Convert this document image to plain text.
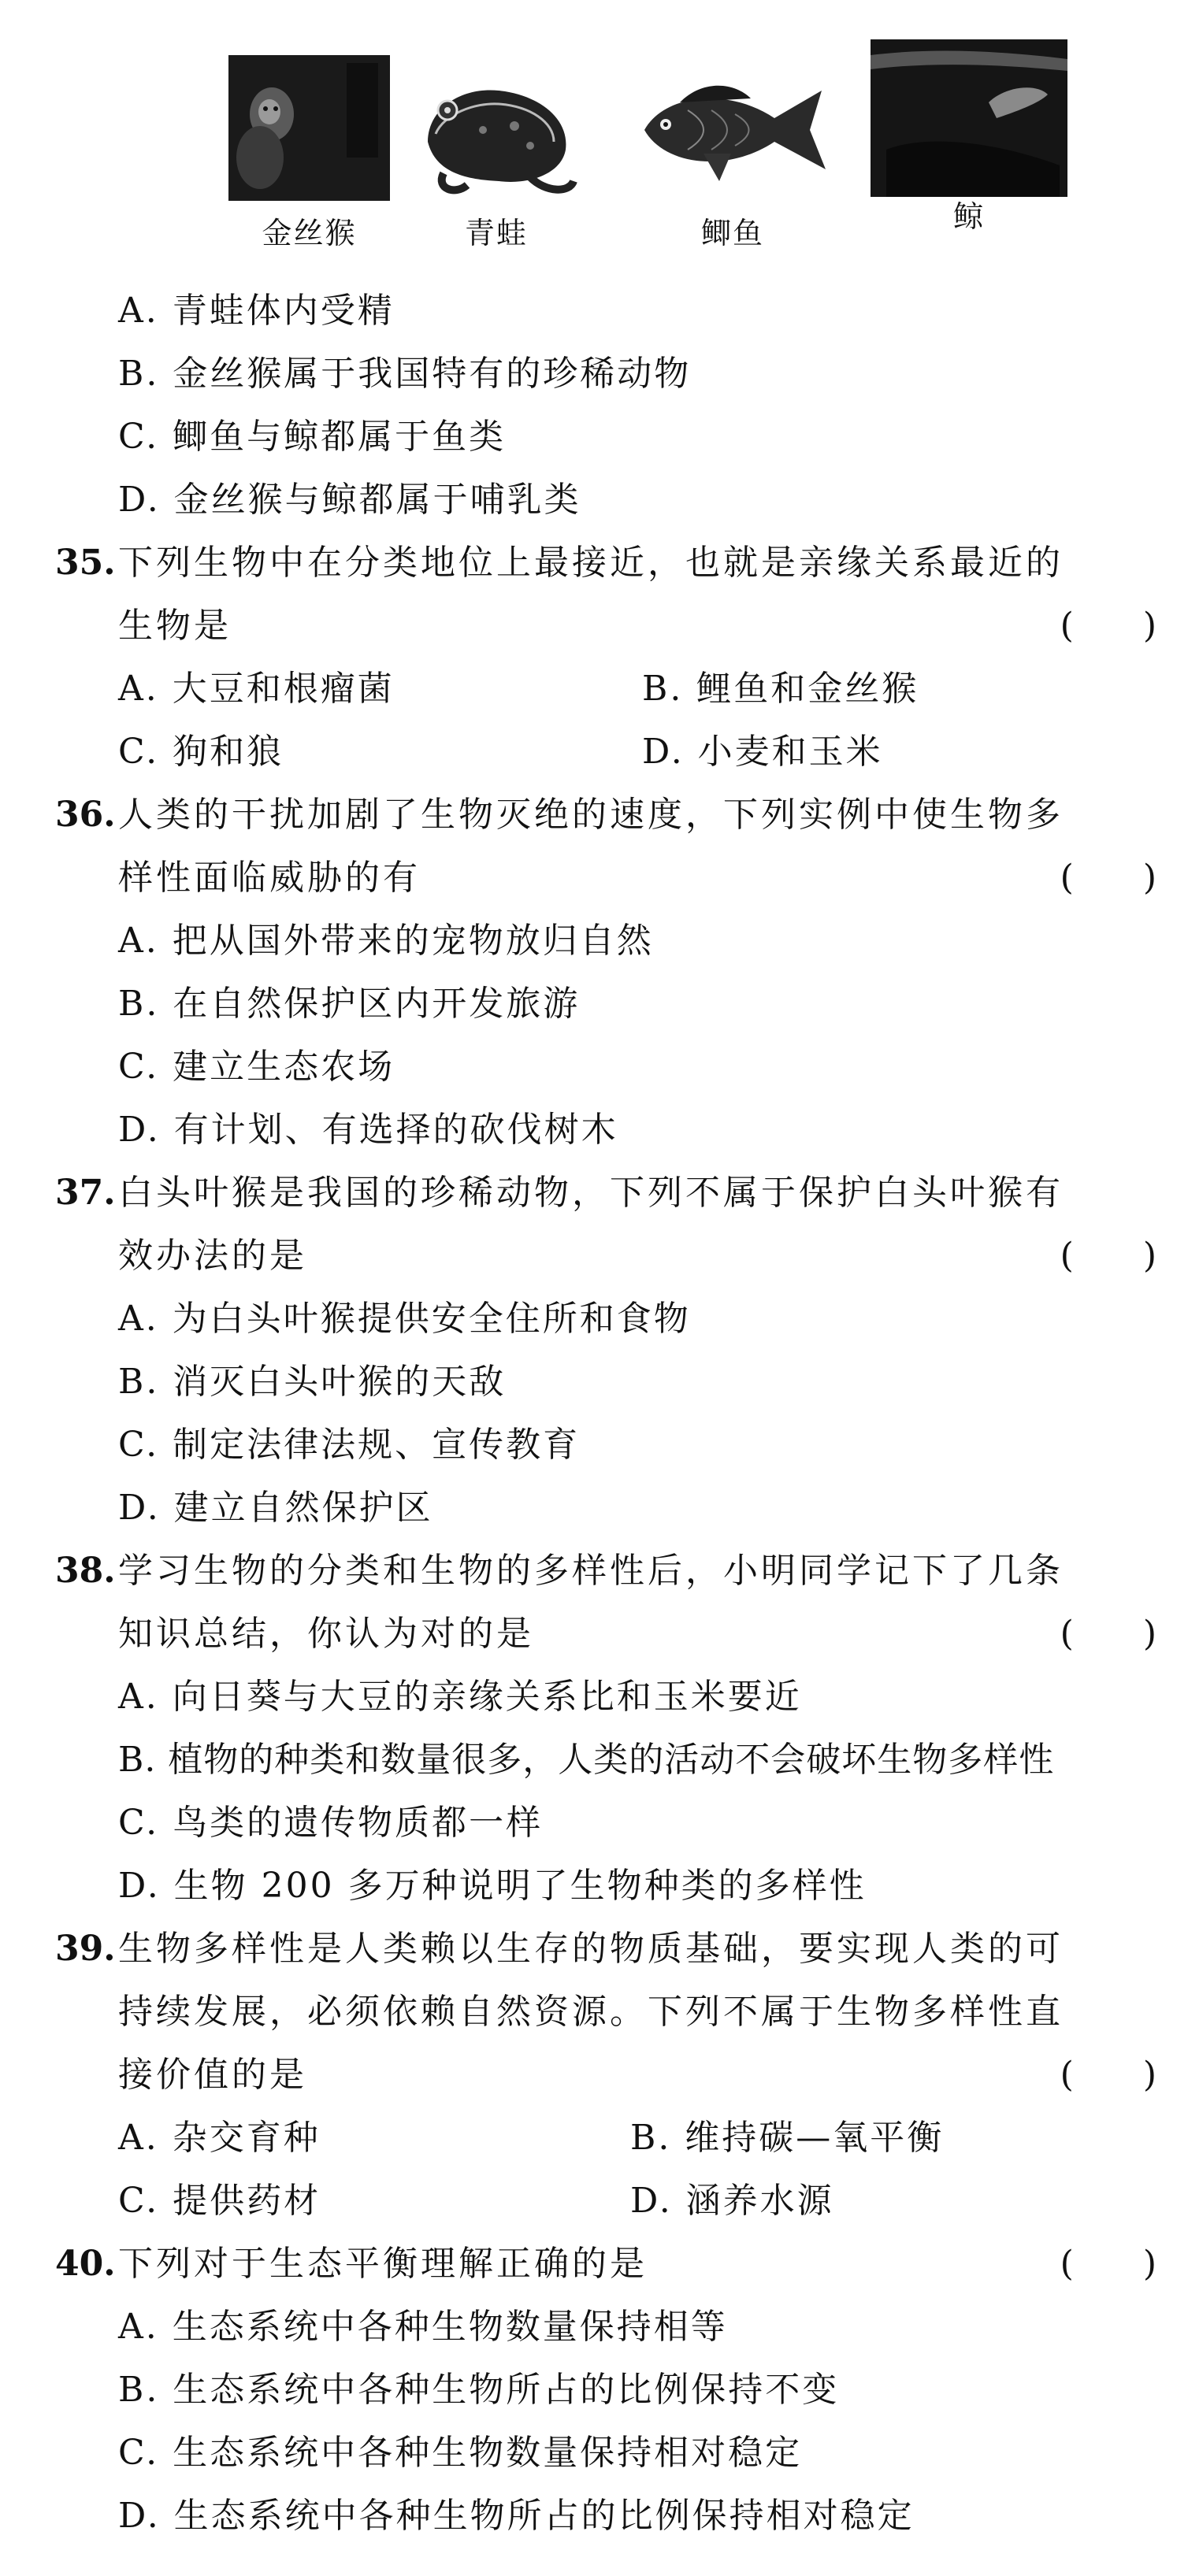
金丝猴	青蛙	鲫鱼	鲸
A. 青蛙体内受精
B. 金丝猴属于我国特有的珍稀动物
C. 鲫鱼与鲸都属于鱼类
D. 金丝猴与鲸都属于哺乳类
35. 下列生物中在分类地位上最接近，也就是亲缘关系最近的
生物是	(　　)
A. 大豆和根瘤菌	B. 鲤鱼和金丝猴
C. 狗和狼	D. 小麦和玉米
36. 人类的干扰加剧了生物灭绝的速度，下列实例中使生物多
样性面临威胁的有	(　　)
A. 把从国外带来的宠物放归自然
B. 在自然保护区内开发旅游
C. 建立生态农场
D. 有计划、有选择的砍伐树木
37. 白头叶猴是我国的珍稀动物，下列不属于保护白头叶猴有
效办法的是	(　　)
A. 为白头叶猴提供安全住所和食物
B. 消灭白头叶猴的天敌
C. 制定法律法规、宣传教育
D. 建立自然保护区
38. 学习生物的分类和生物的多样性后，小明同学记下了几条
知识总结，你认为对的是	(　　)
A. 向日葵与大豆的亲缘关系比和玉米要近
B. 植物的种类和数量很多，人类的活动不会破坏生物多样性
C. 鸟类的遗传物质都一样
D. 生物 200 多万种说明了生物种类的多样性
39. 生物多样性是人类赖以生存的物质基础，要实现人类的可
持续发展，必须依赖自然资源。下列不属于生物多样性直
接价值的是	(　　)
A. 杂交育种	B. 维持碳—氧平衡
C. 提供药材	D. 涵养水源
40. 下列对于生态平衡理解正确的是	(　　)
A. 生态系统中各种生物数量保持相等
B. 生态系统中各种生物所占的比例保持不变
C. 生态系统中各种生物数量保持相对稳定
D. 生态系统中各种生物所占的比例保持相对稳定
